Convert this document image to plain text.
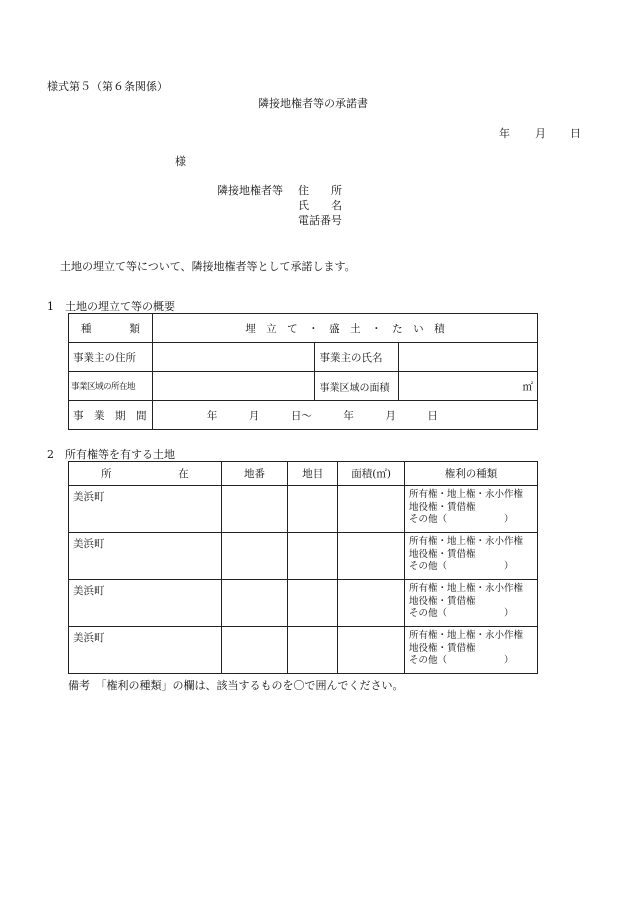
様式第５（第６条関係）
隣接地権者等の承諾書
年 月 日
様
隣接地権者等 住　　所
氏　　名
電話番号
土地の埋立て等について、隣接地権者等として承諾します。
1　土地の埋立て等の概要
種 類	埋　立　て　・　盛　土　・　た　い　積		
事業主の住所		事業主の氏名	
事業区域の所在地		事業区域の面積	㎡
事　業　期　間	年　　　月　　　日～　　　年　　　月　　　日		
2　所有権等を有する土地
所 在	地番	地目	面積(㎡)	権利の種類
美浜町				所有権・地上権・永小作権
地役権・賃借権
その他（　　　　　　）

美浜町				所有権・地上権・永小作権
地役権・賃借権
その他（　　　　　　）

美浜町				所有権・地上権・永小作権
地役権・賃借権
その他（　　　　　　）

美浜町				所有権・地上権・永小作権
地役権・賃借権
その他（　　　　　　）
備考　「権利の種類」の欄は、該当するものを〇で囲んでください。
